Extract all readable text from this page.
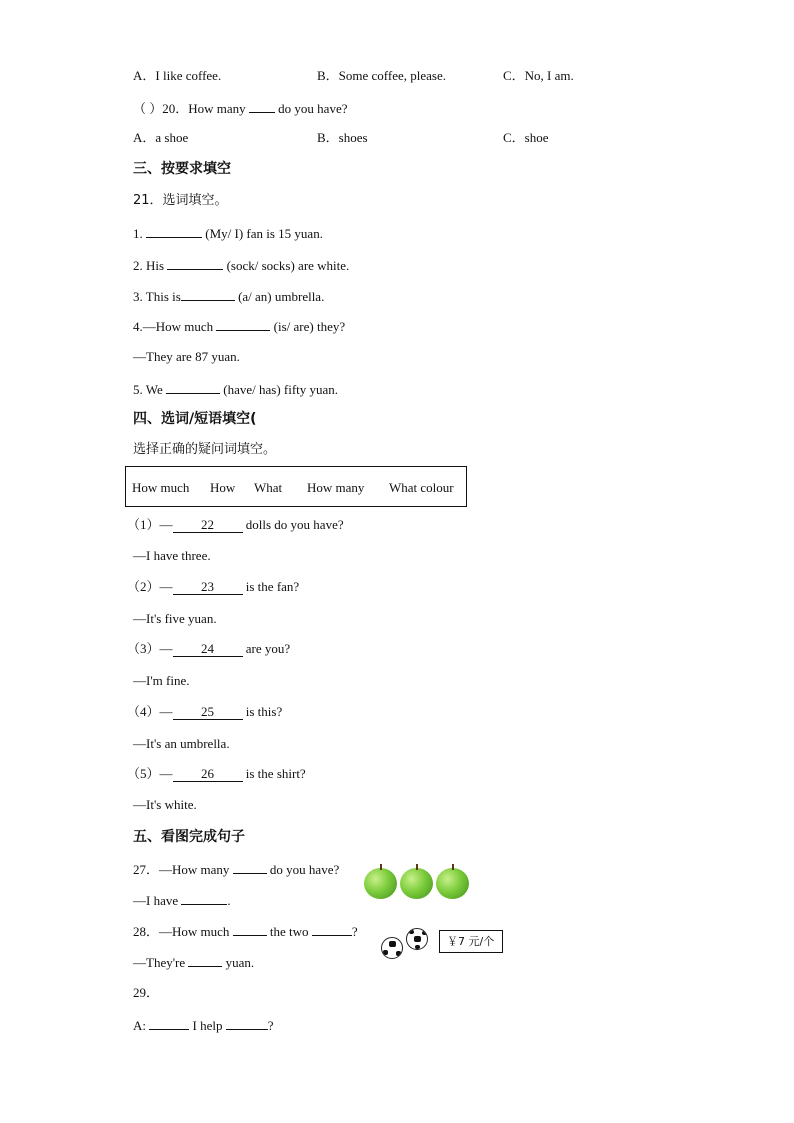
A．I like coffee.	B．Some coffee, please.	C．No, I am.
（ ）20．How many	do you have?
A．a shoe	B．shoes	C．shoe
三、按要求填空
21．选词填空。
1.	(My/ I) fan is 15 yuan.
2. His	(sock/ socks) are white.
3. This is	(a/ an) umbrella.
4.—How much	(is/ are) they?
—They are 87 yuan.
5. We	(have/ has) fifty yuan.
四、选词/短语填空(
选择正确的疑问词填空。
How much How What How many What colour
（1）— 22 dolls do you have?
—I have three.
（2）— 23 is the fan?
—It's five yuan.
（3）— 24 are you?
—I'm fine.
（4）— 25 is this?
—It's an umbrella.
（5）— 26 is the shirt?
—It's white.
五、看图完成句子
27．—How many	do you have?
—I have	.
28．—How much	the two	?
￥7 元/个
—They're	yuan.
29．
A:	I help	?
